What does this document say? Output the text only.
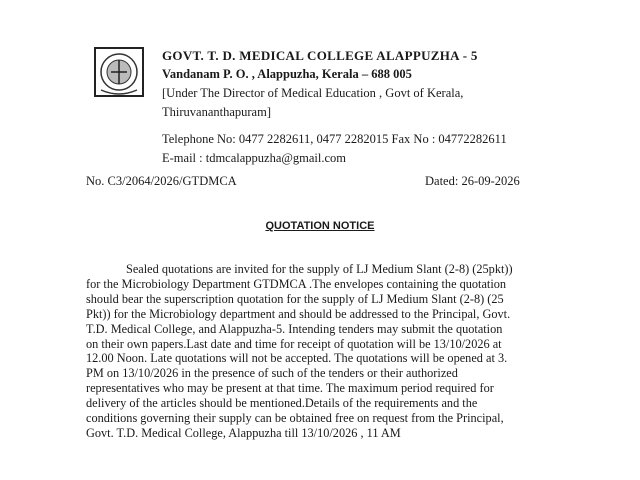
GOVT. T. D. MEDICAL COLLEGE ALAPPUZHA - 5
Vandanam P. O. , Alappuzha, Kerala – 688 005
[Under The Director of Medical Education , Govt of Kerala,
Thiruvananthapuram]
Telephone No: 0477 2282611, 0477 2282015 Fax No : 04772282611
E-mail : tdmcalappuzha@gmail.com
No. C3/2064/2026/GTDMCA	Dated: 26-09-2026
QUOTATION NOTICE
Sealed quotations are invited for the supply of LJ Medium Slant (2-8) (25pkt))
for the Microbiology Department GTDMCA .The envelopes containing the quotation
should bear the superscription quotation for the supply of LJ Medium Slant (2-8) (25
Pkt)) for the Microbiology department and should be addressed to the Principal, Govt.
T.D. Medical College, and Alappuzha-5. Intending tenders may submit the quotation
on their own papers.Last date and time for receipt of quotation will be 13/10/2026 at
12.00 Noon. Late quotations will not be accepted. The quotations will be opened at 3.
PM on 13/10/2026 in the presence of such of the tenders or their authorized
representatives who may be present at that time. The maximum period required for
delivery of the articles should be mentioned.Details of the requirements and the
conditions governing their supply can be obtained free on request from the Principal,
Govt. T.D. Medical College, Alappuzha till 13/10/2026 , 11 AM
